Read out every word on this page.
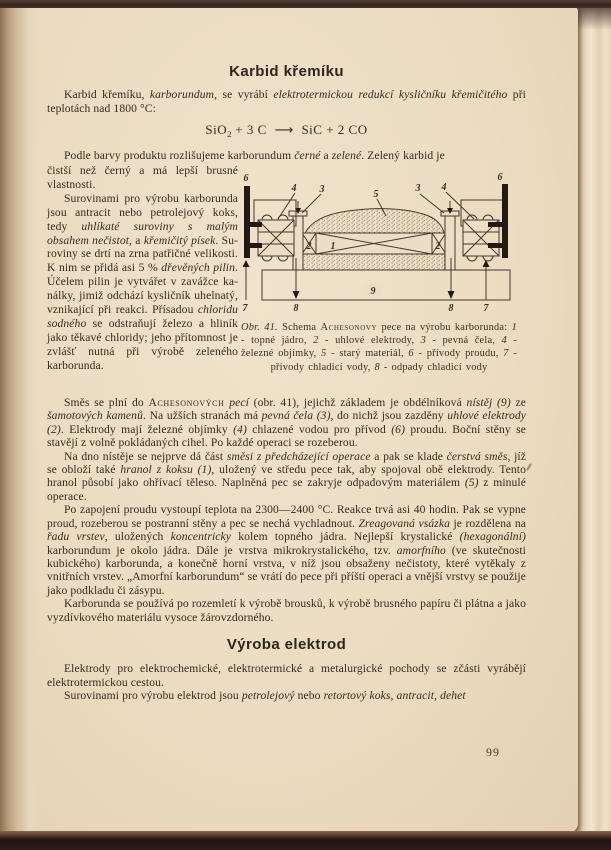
Karbid křemíku

Karbid křemíku, karborundum, se vyrábí elektrotermickou redukcí kysličníku křemičitého při teplotách nad 1800 °C:

SiO$_2$ + 3 C ⟶ SiC + 2 CO

Podle barvy produktu rozlišujeme karborundum černé a zelené. Zelený karbid je

čistší než černý a má lepší brusné vlastnosti.

Surovinami pro výrobu karborunda jsou antracit nebo petrolejový koks, tedy uhlíkaté suroviny s malým obsahem nečistot, a křemičitý písek. Suroviny se drtí na zrna patřičné velikosti. K nim se přidá asi 5 % dřevěných pilin. Účelem pilin je vytvářet v zavážce kanálky, jimiž odchází kysličník uhelnatý, vznikající při reakci. Přísadou chloridu sodného se odstraňují železo a hliník jako těkavé chloridy; jeho přítomnost je zvlášť nutná při výrobě zeleného karborunda.

6
4 3	5
3 4
6
2 1	2
9
7	8	8	7
Obr. 41. Schema Achesonovy pece na výrobu karborunda: 1 - topné jádro, 2 - uhlové elektrody, 3 - pevná čela, 4 - železné objímky, 5 - starý materiál, 6 - přívody proudu, 7 - přívody chladicí vody, 8 - odpady chladicí vody

Směs se plní do Achesonových pecí (obr. 41), jejichž základem je obdélníková nístěj (9) ze šamotových kamenů. Na užších stranách má pevná čela (3), do nichž jsou zazděny uhlové elektrody (2). Elektrody mají železné objímky (4) chlazené vodou pro přívod (6) proudu. Boční stěny se stavějí z volně pokládaných cihel. Po každé operaci se rozeberou.

Na dno nístěje se nejprve dá část směsi z předcházející operace a pak se klade čerstvá směs, jíž se obloží také hranol z koksu (1), uložený ve středu pece tak, aby spojoval obě elektrody. Tento hranol působí jako ohřívací těleso. Naplněná pec se zakryje odpadovým materiálem (5) z minulé operace.

Po zapojení proudu vystoupí teplota na 2300—2400 °C. Reakce trvá asi 40 hodin. Pak se vypne proud, rozeberou se postranní stěny a pec se nechá vychladnout. Zreagovaná vsázka je rozdělena na řadu vrstev, uložených koncentricky kolem topného jádra. Nejlepší krystalické (hexagonální) karborundum je okolo jádra. Dále je vrstva mikrokrystalického, tzv. amorfního (ve skutečnosti kubického) karborunda, a konečně horní vrstva, v níž jsou obsaženy nečistoty, které vytěkaly z vnitřních vrstev. „Amorfní karborundum“ se vrátí do pece při příští operaci a vnější vrstvy se použije jako podkladu či zásypu.

Karborunda se používá po rozemletí k výrobě brousků, k výrobě brusného papíru či plátna a jako vyzdívkového materiálu vysoce žárovzdorného.

Výroba elektrod

Elektrody pro elektrochemické, elektrotermické a metalurgické pochody se zčásti vyrábějí elektrotermickou cestou.

Surovinami pro výrobu elektrod jsou petrolejový nebo retortový koks, antracit, dehet

99
